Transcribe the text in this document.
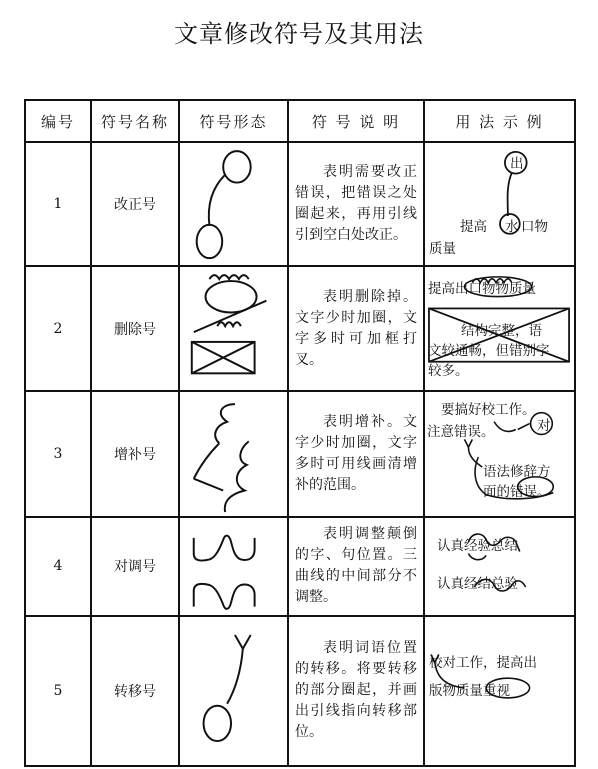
文章修改符号及其用法
编号	符号名称	符号形态	符 号 说 明	用 法 示 例
1	改正号		表明需要改正错误，把错误之处圈起来，再用引线引到空白处改正。	出
提高 水 口物
质量

2	删除号		表明删除掉。文字少时加圈，文字多时可加框打叉。	提高出口物物质量
结构完整，语
文较通畅，但错别字
较多。

3	增补号		表明增补。文字少时加圈，文字多时可用线画清增补的范围。	要搞好校工作。
注意错误。 对
语法修辞方
面的错误。

4	对调号		表明调整颠倒的字、句位置。三曲线的中间部分不调整。	认真经验总结
认真经结总验

5	转移号		表明词语位置的转移。将要转移的部分圈起，并画出引线指向转移部位。	校对工作，提高出
版物质量重视
